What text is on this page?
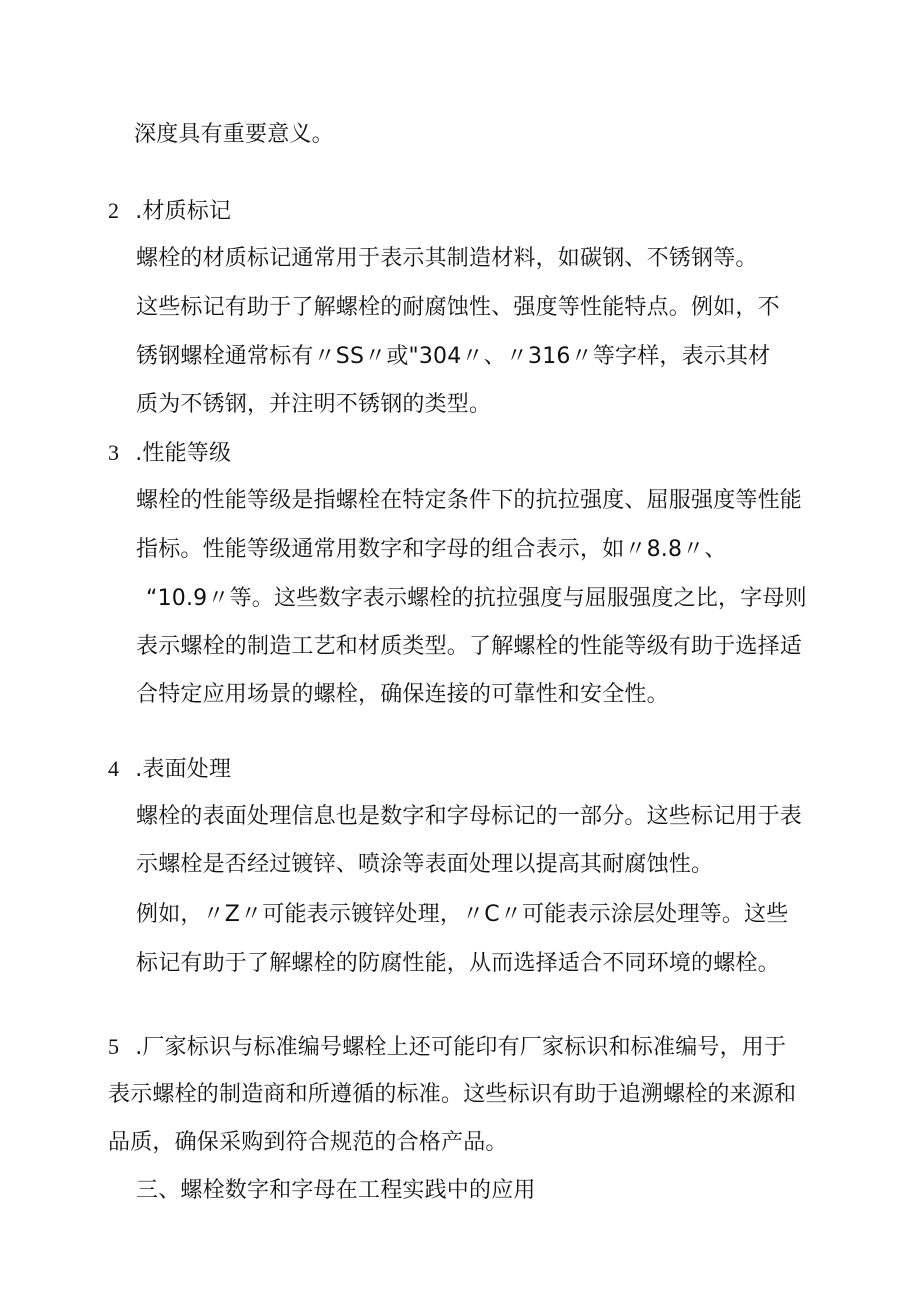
深度具有重要意义。
2 .材质标记
螺栓的材质标记通常用于表示其制造材料，如碳钢、不锈钢等。
这些标记有助于了解螺栓的耐腐蚀性、强度等性能特点。例如，不
锈钢螺栓通常标有〃SS〃或"304〃、〃316〃等字样，表示其材
质为不锈钢，并注明不锈钢的类型。
3 .性能等级
螺栓的性能等级是指螺栓在特定条件下的抗拉强度、屈服强度等性能
指标。性能等级通常用数字和字母的组合表示，如〃8.8〃、
“10.9〃等。这些数字表示螺栓的抗拉强度与屈服强度之比，字母则
表示螺栓的制造工艺和材质类型。了解螺栓的性能等级有助于选择适
合特定应用场景的螺栓，确保连接的可靠性和安全性。
4 .表面处理
螺栓的表面处理信息也是数字和字母标记的一部分。这些标记用于表
示螺栓是否经过镀锌、喷涂等表面处理以提高其耐腐蚀性。
例如，〃Z〃可能表示镀锌处理，〃C〃可能表示涂层处理等。这些
标记有助于了解螺栓的防腐性能，从而选择适合不同环境的螺栓。
5 .厂家标识与标准编号螺栓上还可能印有厂家标识和标准编号，用于
表示螺栓的制造商和所遵循的标准。这些标识有助于追溯螺栓的来源和
品质，确保采购到符合规范的合格产品。
三、螺栓数字和字母在工程实践中的应用
